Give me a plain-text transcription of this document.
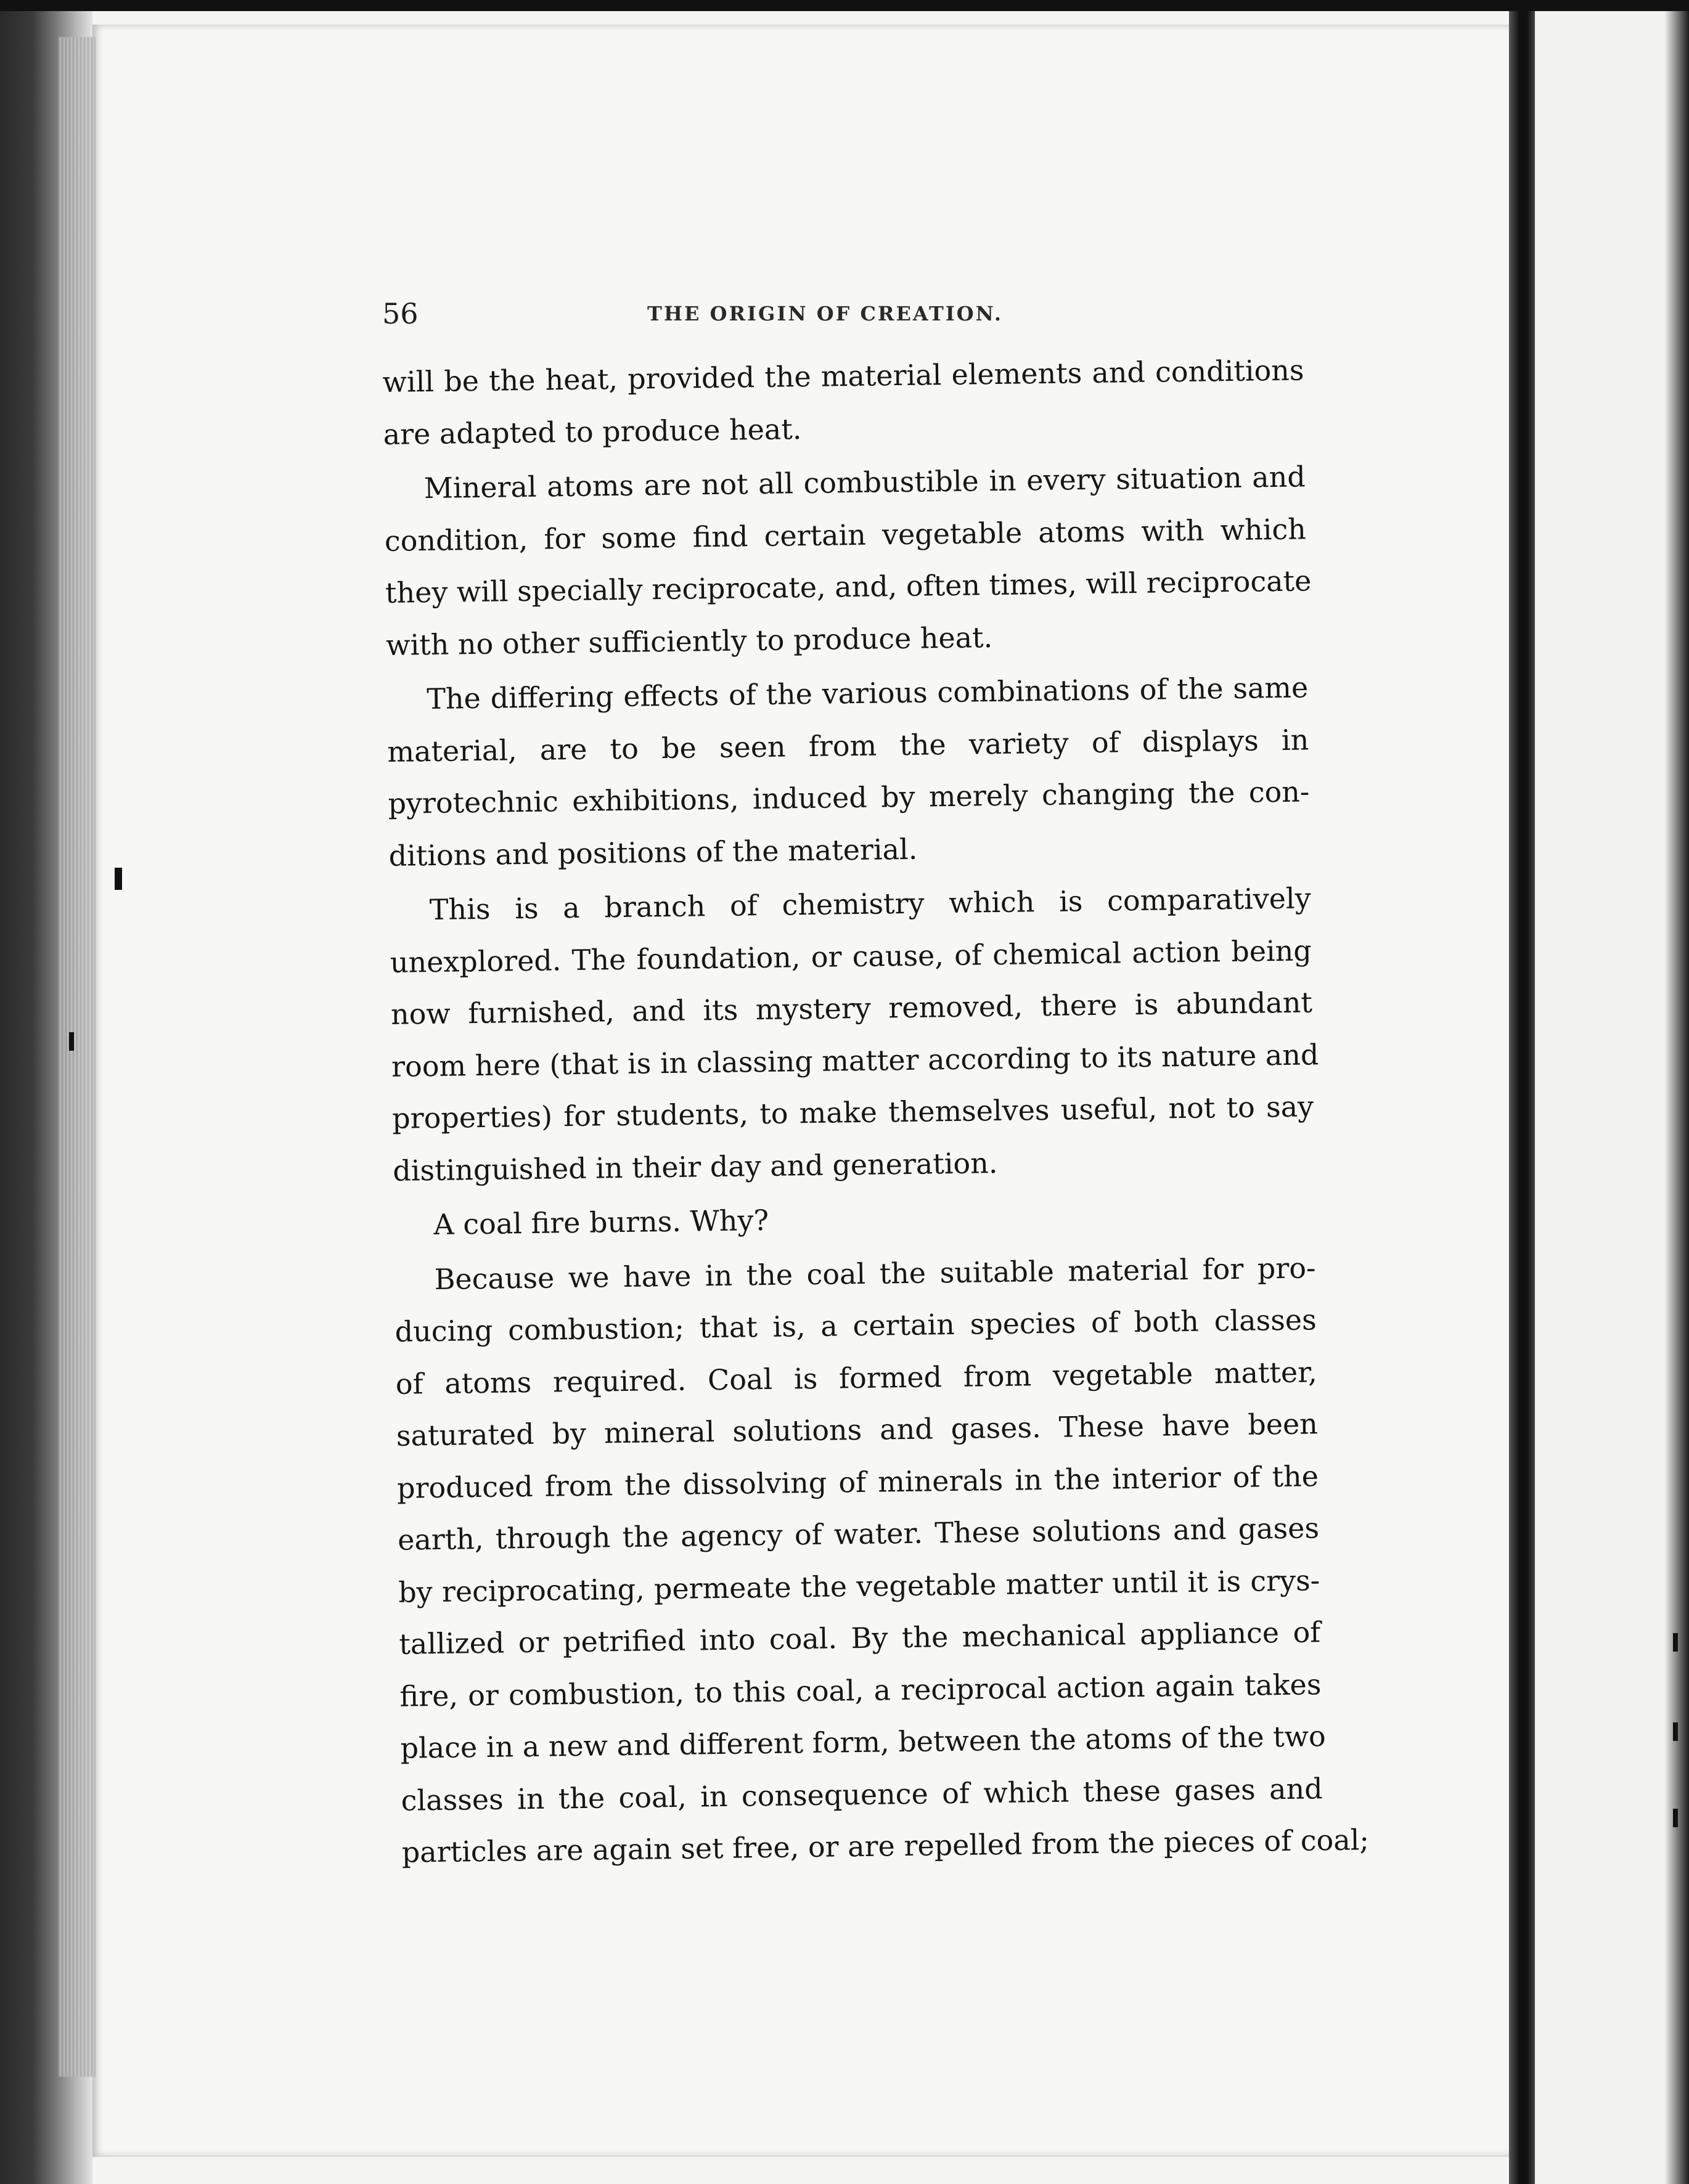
56	THE ORIGIN OF CREATION.
will be the heat, provided the material elements and conditions
are adapted to produce heat.
Mineral atoms are not all combustible in every situation and
condition, for some find certain vegetable atoms with which
they will specially reciprocate, and, often times, will reciprocate
with no other sufficiently to produce heat.
The differing effects of the various combinations of the same
material, are to be seen from the variety of displays in
pyrotechnic exhibitions, induced by merely changing the con-
ditions and positions of the material.
This is a branch of chemistry which is comparatively
unexplored. The foundation, or cause, of chemical action being
now furnished, and its mystery removed, there is abundant
room here (that is in classing matter according to its nature and
properties) for students, to make themselves useful, not to say
distinguished in their day and generation.
A coal fire burns. Why?
Because we have in the coal the suitable material for pro-
ducing combustion; that is, a certain species of both classes
of atoms required. Coal is formed from vegetable matter,
saturated by mineral solutions and gases. These have been
produced from the dissolving of minerals in the interior of the
earth, through the agency of water. These solutions and gases
by reciprocating, permeate the vegetable matter until it is crys-
tallized or petrified into coal. By the mechanical appliance of
fire, or combustion, to this coal, a reciprocal action again takes
place in a new and different form, between the atoms of the two
classes in the coal, in consequence of which these gases and
particles are again set free, or are repelled from the pieces of coal;
